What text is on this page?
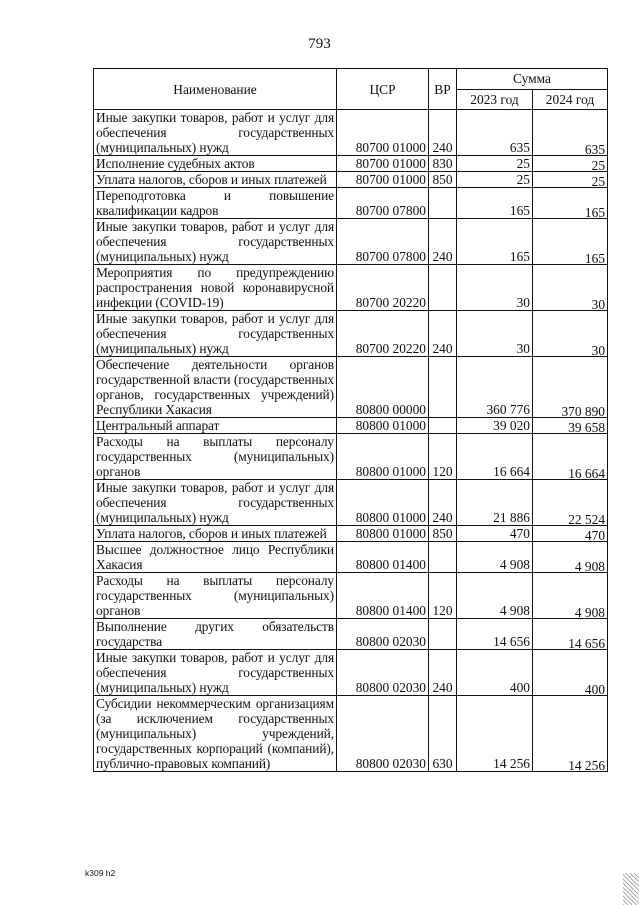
793
Наименование	ЦСР	ВР	Сумма	
			2023 год	2024 год
Иные закупки товаров, работ и услуг для обеспечения государственных (муниципальных) нужд	80700 01000	240	635	635
Исполнение судебных актов	80700 01000	830	25	25
Уплата налогов, сборов и иных платежей	80700 01000	850	25	25
Переподготовка и повышение квалификации кадров	80700 07800		165	165
Иные закупки товаров, работ и услуг для обеспечения государственных (муниципальных) нужд	80700 07800	240	165	165
Мероприятия по предупреждению распространения новой коронавирусной инфекции (COVID-19)	80700 20220		30	30
Иные закупки товаров, работ и услуг для обеспечения государственных (муниципальных) нужд	80700 20220	240	30	30
Обеспечение деятельности органов государственной власти (государственных органов, государственных учреждений) Республики Хакасия	80800 00000		360 776	370 890
Центральный аппарат	80800 01000		39 020	39 658
Расходы на выплаты персоналу государственных (муниципальных) органов	80800 01000	120	16 664	16 664
Иные закупки товаров, работ и услуг для обеспечения государственных (муниципальных) нужд	80800 01000	240	21 886	22 524
Уплата налогов, сборов и иных платежей	80800 01000	850	470	470
Высшее должностное лицо Республики Хакасия	80800 01400		4 908	4 908
Расходы на выплаты персоналу государственных (муниципальных) органов	80800 01400	120	4 908	4 908
Выполнение других обязательств государства	80800 02030		14 656	14 656
Иные закупки товаров, работ и услуг для обеспечения государственных (муниципальных) нужд	80800 02030	240	400	400
Субсидии некоммерческим организациям (за исключением государственных (муниципальных) учреждений, государственных корпораций (компаний), публично-правовых компаний)	80800 02030	630	14 256	14 256
k309 h2
